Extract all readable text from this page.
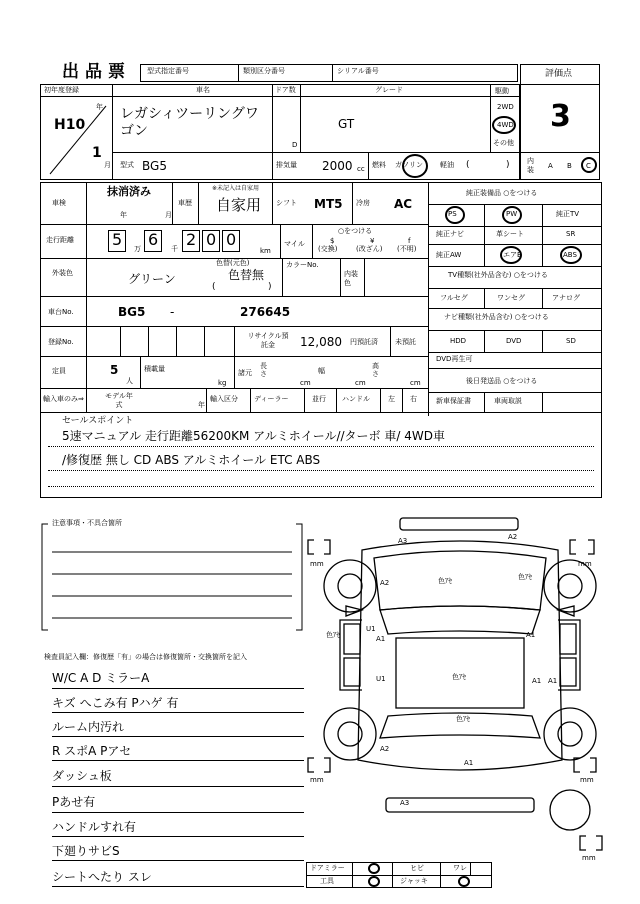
出品票 型式指定番号	類別区分番号	シリアル番号	評価点
3
初年度登録
H10
年
1
月
車名
レガシィツーリングワゴン
ドア数
D
グレード
GT
駆動
2WD
4WD
その他
型式 BG5	排気量 2000 cc 燃料 ガソリン 軽油 (	) 内装	A B C
車検
抹消済み
年	月
車歴
※未記入は自家用
自家用 シフト MT5 冷房 AC
純正装備品 ○をつける
PS	PW	純正TV
純正ナビ	革シート	SR
純正AW	エアB	ABS
TV種類(社外品含む) ○をつける
フルセグ	ワンセグ	アナログ
ナビ種類(社外品含む) ○をつける
HDD	DVD	SD
DVD再生可
走行距離 5 万 6 千 2 0 0
km
マイル
○をつける
$
(交換)
¥
(改ざん)
f
(不明)
外装色	グリーン
色替(元色)
色替無
(	)
カラーNo.
内装色
車台No.	BG5 -	276645
登録No.
リサイクル預託金	12,080 円預託済 未預託
定員	5
人
積載量
kg
諸元
長さ
cm
幅
cm
高さ
cm
輸入車のみ⇒	モデル年式	年
輸入区分 ディーラー	並行 ハンドル	左 右
後日発送品 ○をつける
新車保証書	車両取説
セールスポイント
5速マニュアル 走行距離56200KM アルミホイール//ターボ 車/ 4WD車
/修復歴 無し CD ABS アルミホイール ETC ABS
注意事項・不具合箇所
検査員記入欄：修復歴「有」の場合は修復箇所・交換箇所を記入
W/C A D ミラーA
キズ へこみ有 Pハゲ 有
ルーム内汚れ
R スポA Pアセ
ダッシュ板
Pあせ有
ハンドルすれ有
下廻りサビS
シートへたり スレ
mm	mm
mm	mm
mm
A3	A2
A2	色ｱｾ	色ｱｾ
色ｱｾ
U1
A1	A1
U1	色ｱｾ	A1 A1
色ｱｾ
A2
A1
A3
ドアミラー	ヒビ	ワレ
工具	ジャッキ
